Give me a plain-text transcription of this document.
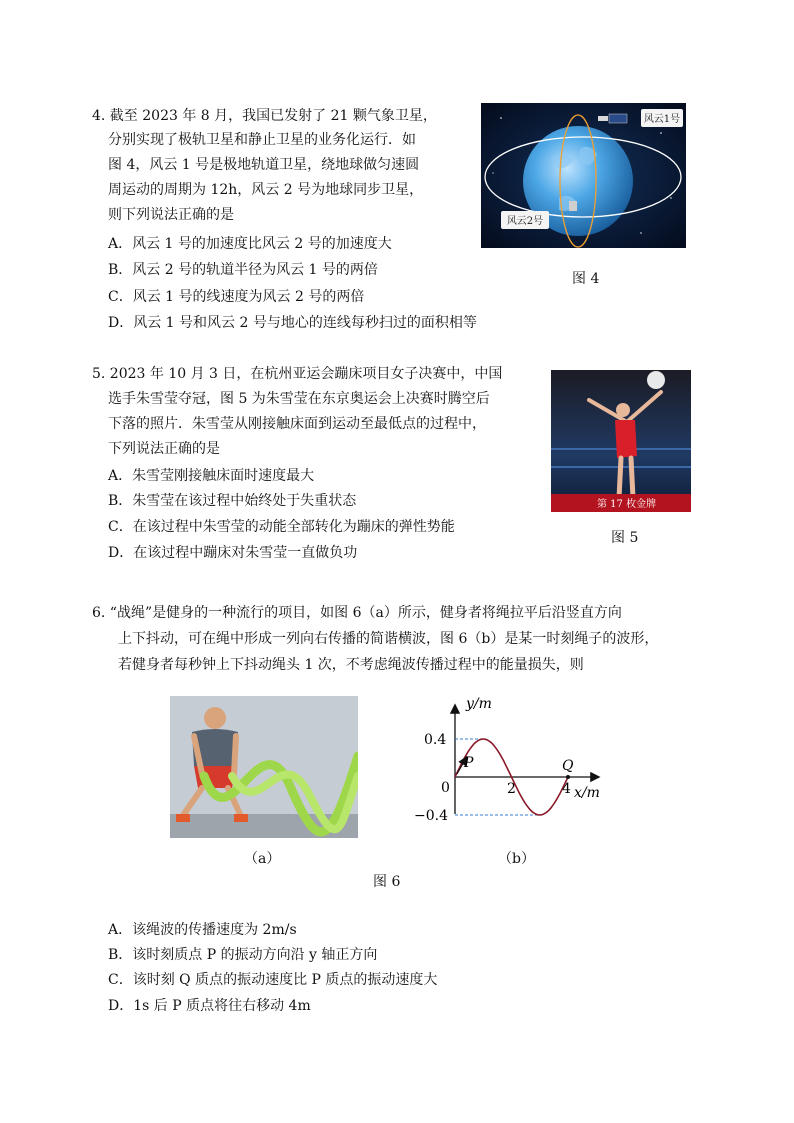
4. 截至 2023 年 8 月，我国已发射了 21 颗气象卫星，
分别实现了极轨卫星和静止卫星的业务化运行．如
图 4，风云 1 号是极地轨道卫星，绕地球做匀速圆
周运动的周期为 12h，风云 2 号为地球同步卫星，
则下列说法正确的是
A．风云 1 号的加速度比风云 2 号的加速度大
B．风云 2 号的轨道半径为风云 1 号的两倍
C．风云 1 号的线速度为风云 2 号的两倍
D．风云 1 号和风云 2 号与地心的连线每秒扫过的面积相等
风云1号
风云2号
图 4
5. 2023 年 10 月 3 日，在杭州亚运会蹦床项目女子决赛中，中国
选手朱雪莹夺冠，图 5 为朱雪莹在东京奥运会上决赛时腾空后
下落的照片．朱雪莹从刚接触床面到运动至最低点的过程中，
下列说法正确的是
A．朱雪莹刚接触床面时速度最大
B．朱雪莹在该过程中始终处于失重状态
C．在该过程中朱雪莹的动能全部转化为蹦床的弹性势能
D．在该过程中蹦床对朱雪莹一直做负功
第 17 枚金牌
图 5
6. “战绳”是健身的一种流行的项目，如图 6（a）所示，健身者将绳拉平后沿竖直方向
上下抖动，可在绳中形成一列向右传播的简谐横波，图 6（b）是某一时刻绳子的波形，
若健身者每秒钟上下抖动绳头 1 次，不考虑绳波传播过程中的能量损失，则
（a）
y/m
x/m
0.4
−0.4
0	2	4
P	Q
（b）
图 6
A．该绳波的传播速度为 2m/s
B．该时刻质点 P 的振动方向沿 y 轴正方向
C．该时刻 Q 质点的振动速度比 P 质点的振动速度大
D．1s 后 P 质点将往右移动 4m
